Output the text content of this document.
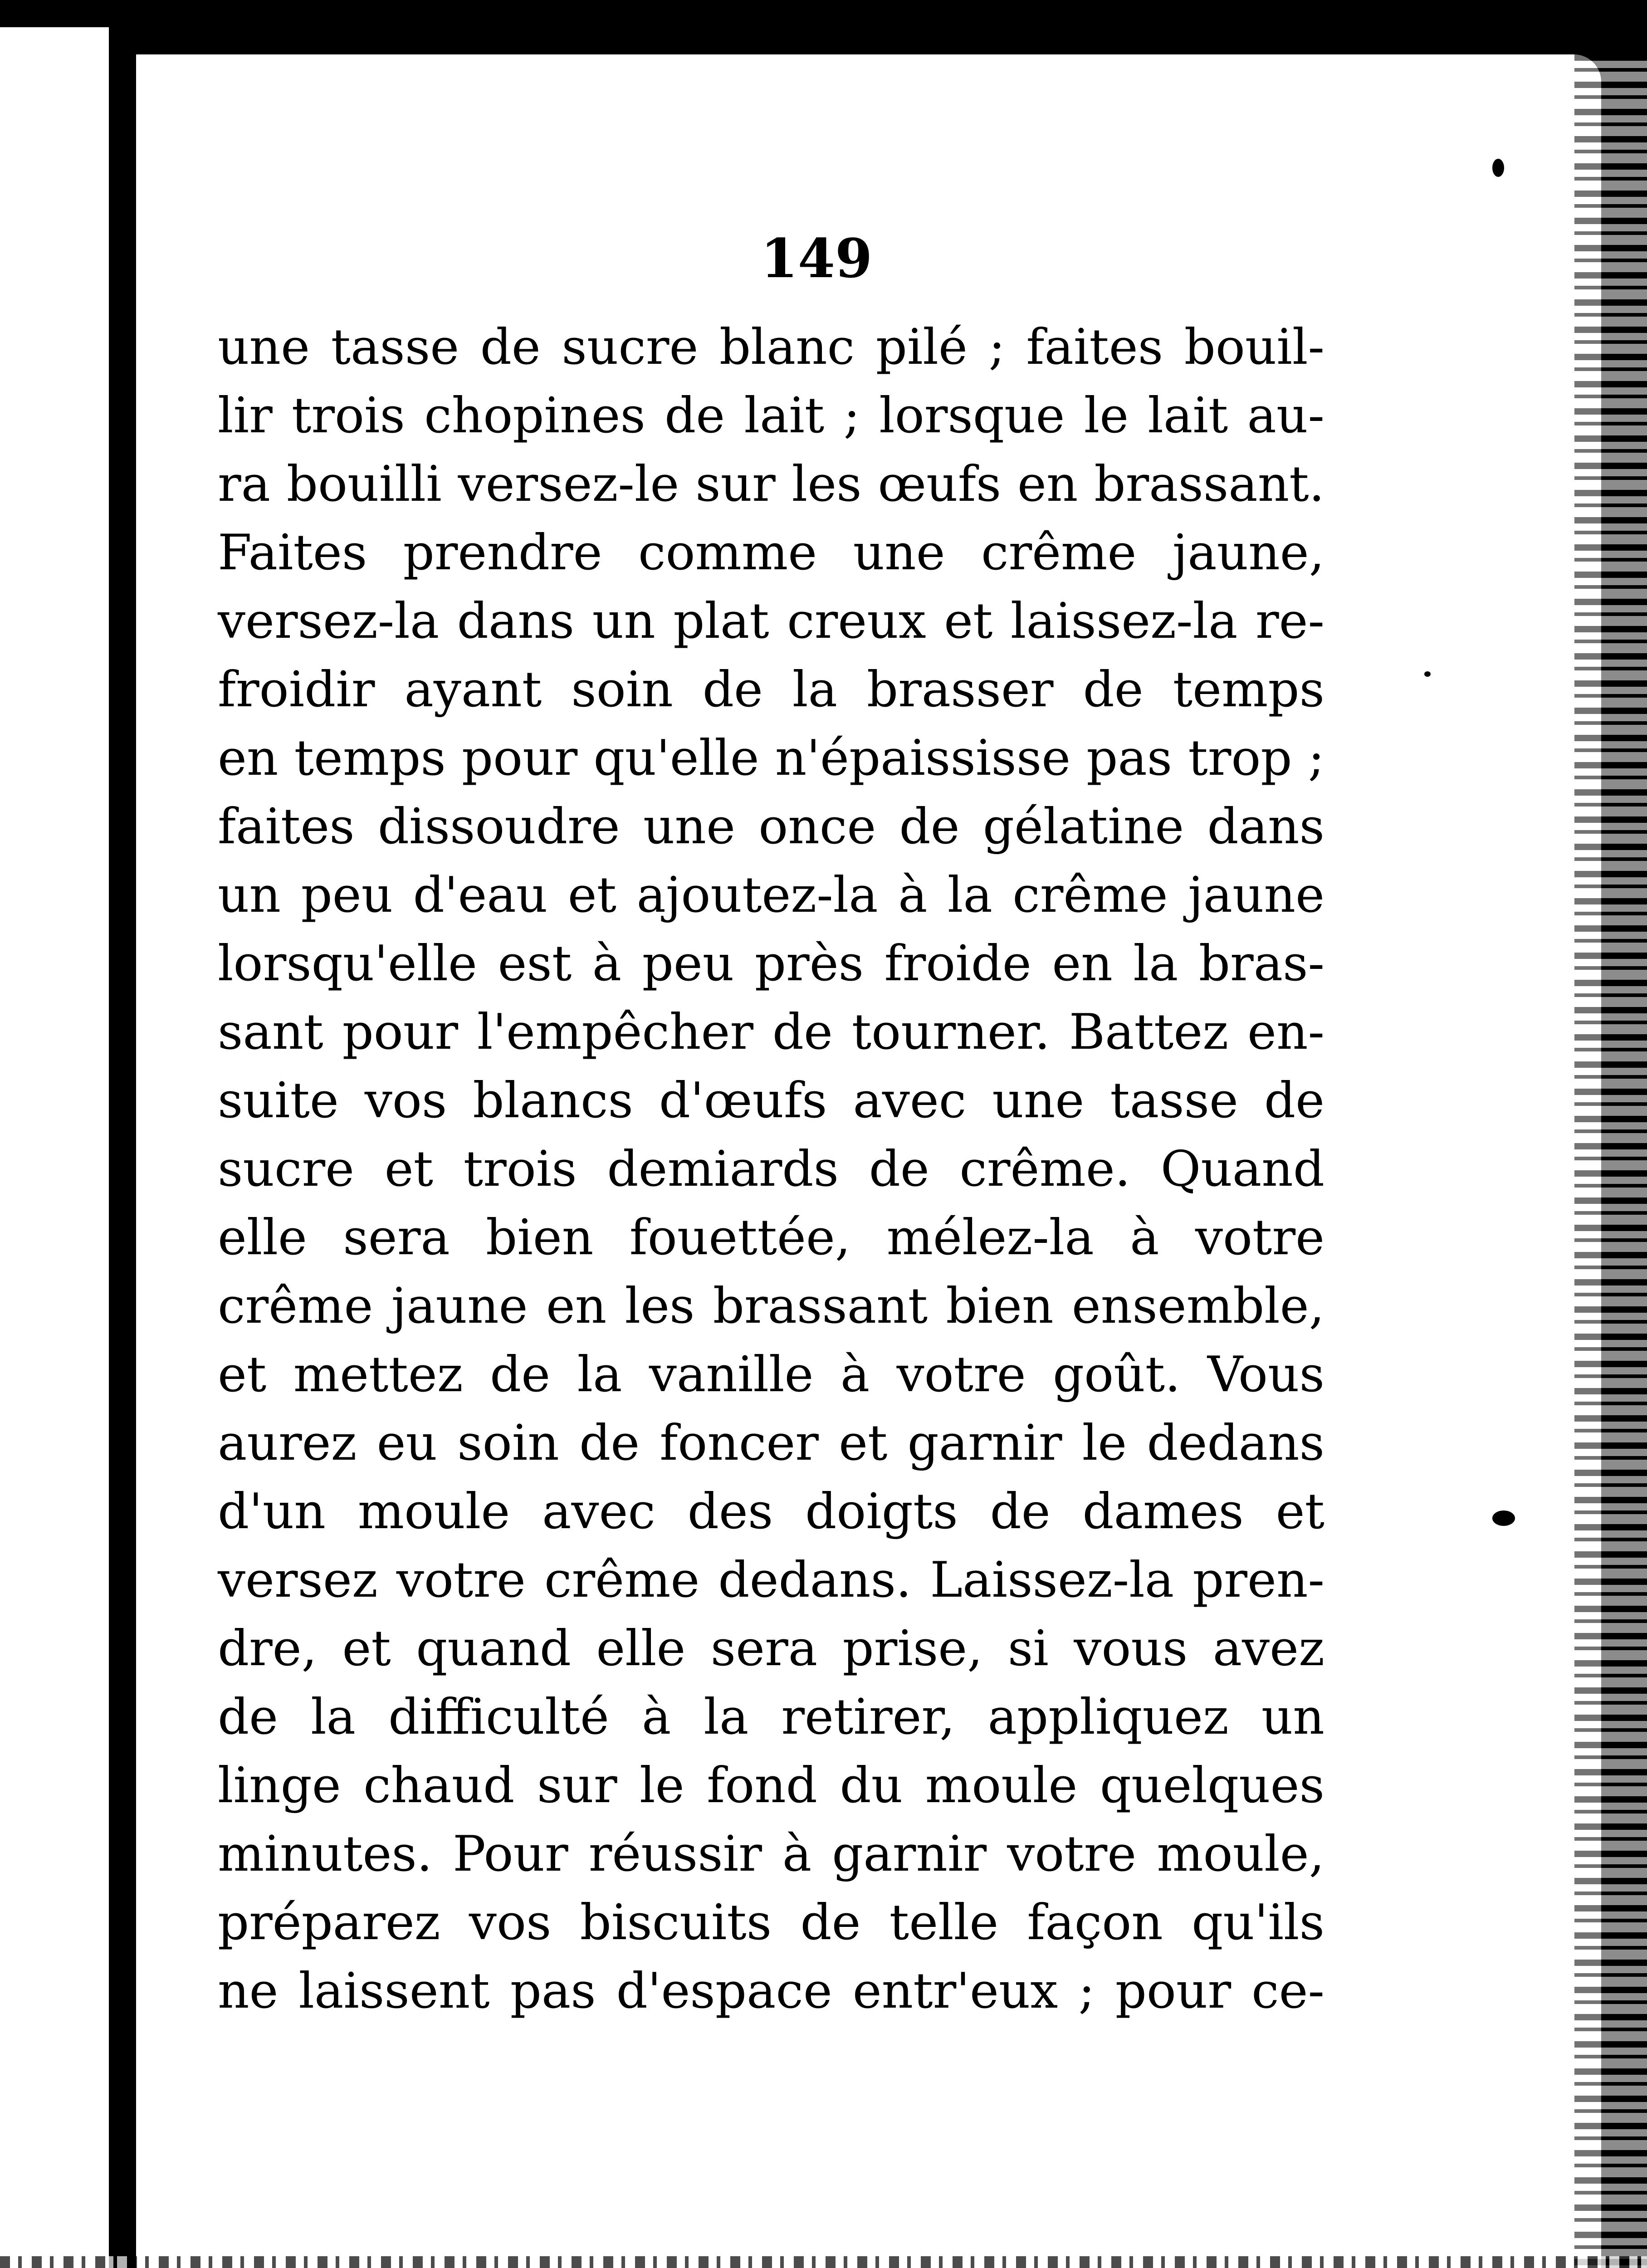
149
une tasse de sucre blanc pilé ; faites bouil-
lir trois chopines de lait ; lorsque le lait au-
ra bouilli versez-le sur les œufs en brassant.
Faites prendre comme une crême jaune,
versez-la dans un plat creux et laissez-la re-
froidir ayant soin de la brasser de temps
en temps pour qu'elle n'épaississe pas trop ;
faites dissoudre une once de gélatine dans
un peu d'eau et ajoutez-la à la crême jaune
lorsqu'elle est à peu près froide en la bras-
sant pour l'empêcher de tourner. Battez en-
suite vos blancs d'œufs avec une tasse de
sucre et trois demiards de crême. Quand
elle sera bien fouettée, mélez-la à votre
crême jaune en les brassant bien ensemble,
et mettez de la vanille à votre goût. Vous
aurez eu soin de foncer et garnir le dedans
d'un moule avec des doigts de dames et
versez votre crême dedans. Laissez-la pren-
dre, et quand elle sera prise, si vous avez
de la difficulté à la retirer, appliquez un
linge chaud sur le fond du moule quelques
minutes. Pour réussir à garnir votre moule,
préparez vos biscuits de telle façon qu'ils
ne laissent pas d'espace entr'eux ; pour ce-
